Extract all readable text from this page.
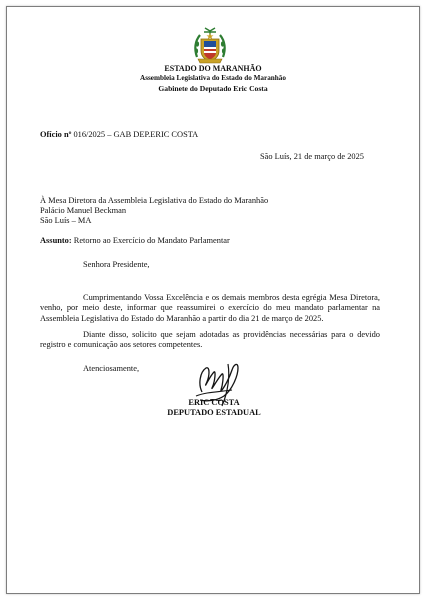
ESTADO DO MARANHÃO
Assembleia Legislativa do Estado do Maranhão
Gabinete do Deputado Eric Costa
Ofício nº 016/2025 – GAB DEP.ERIC COSTA
São Luís, 21 de março de 2025
À Mesa Diretora da Assembleia Legislativa do Estado do Maranhão
Palácio Manuel Beckman
São Luís – MA
Assunto: Retorno ao Exercício do Mandato Parlamentar
Senhora Presidente,
Cumprimentando Vossa Excelência e os demais membros desta egrégia Mesa Diretora, venho, por meio deste, informar que reassumirei o exercício do meu mandato parlamentar na Assembleia Legislativa do Estado do Maranhão a partir do dia 21 de março de 2025.
Diante disso, solicito que sejam adotadas as providências necessárias para o devido registro e comunicação aos setores competentes.
Atenciosamente,
ERIC COSTA
DEPUTADO ESTADUAL
